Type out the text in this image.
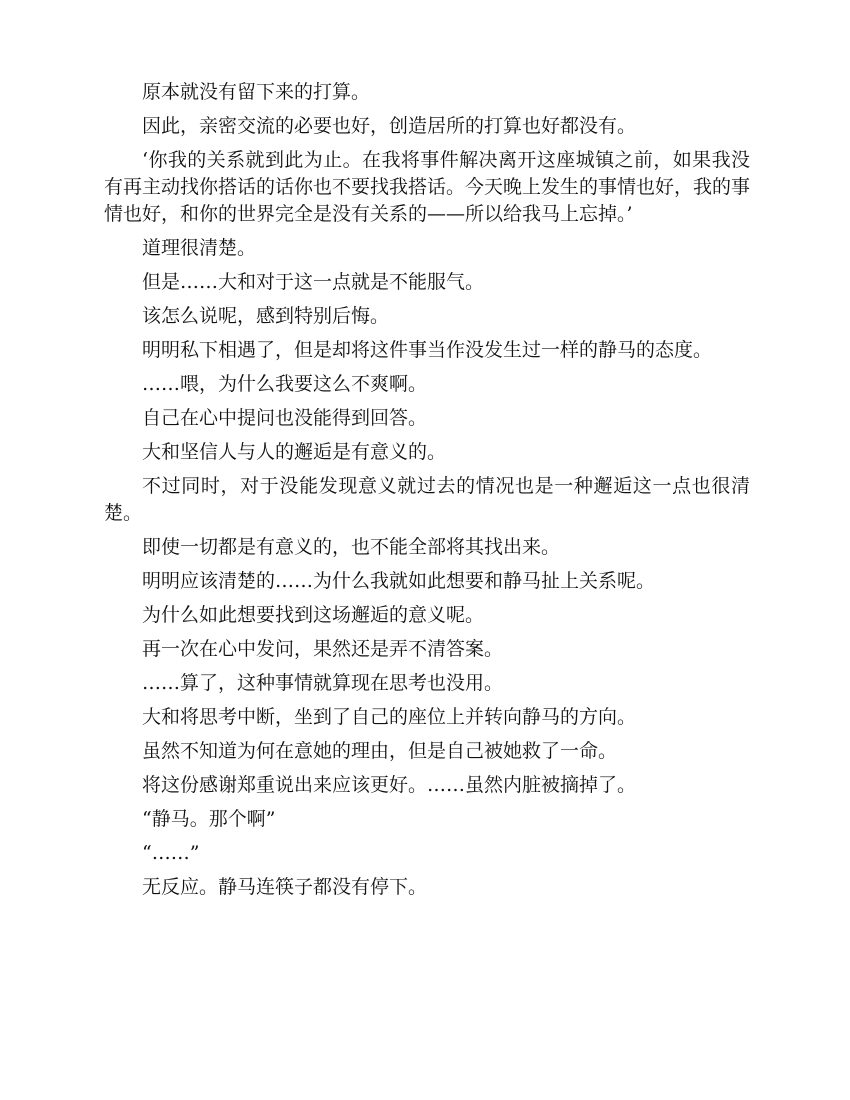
原本就没有留下来的打算。

因此，亲密交流的必要也好，创造居所的打算也好都没有。

‘你我的关系就到此为止。在我将事件解决离开这座城镇之前，如果我没有再主动找你搭话的话你也不要找我搭话。今天晚上发生的事情也好，我的事情也好，和你的世界完全是没有关系的——所以给我马上忘掉。’

道理很清楚。

但是……大和对于这一点就是不能服气。

该怎么说呢，感到特别后悔。

明明私下相遇了，但是却将这件事当作没发生过一样的静马的态度。

……喂，为什么我要这么不爽啊。

自己在心中提问也没能得到回答。

大和坚信人与人的邂逅是有意义的。

不过同时，对于没能发现意义就过去的情况也是一种邂逅这一点也很清楚。

即使一切都是有意义的，也不能全部将其找出来。

明明应该清楚的……为什么我就如此想要和静马扯上关系呢。

为什么如此想要找到这场邂逅的意义呢。

再一次在心中发问，果然还是弄不清答案。

……算了，这种事情就算现在思考也没用。

大和将思考中断，坐到了自己的座位上并转向静马的方向。

虽然不知道为何在意她的理由，但是自己被她救了一命。

将这份感谢郑重说出来应该更好。……虽然内脏被摘掉了。

“静马。那个啊”

“……”

无反应。静马连筷子都没有停下。
